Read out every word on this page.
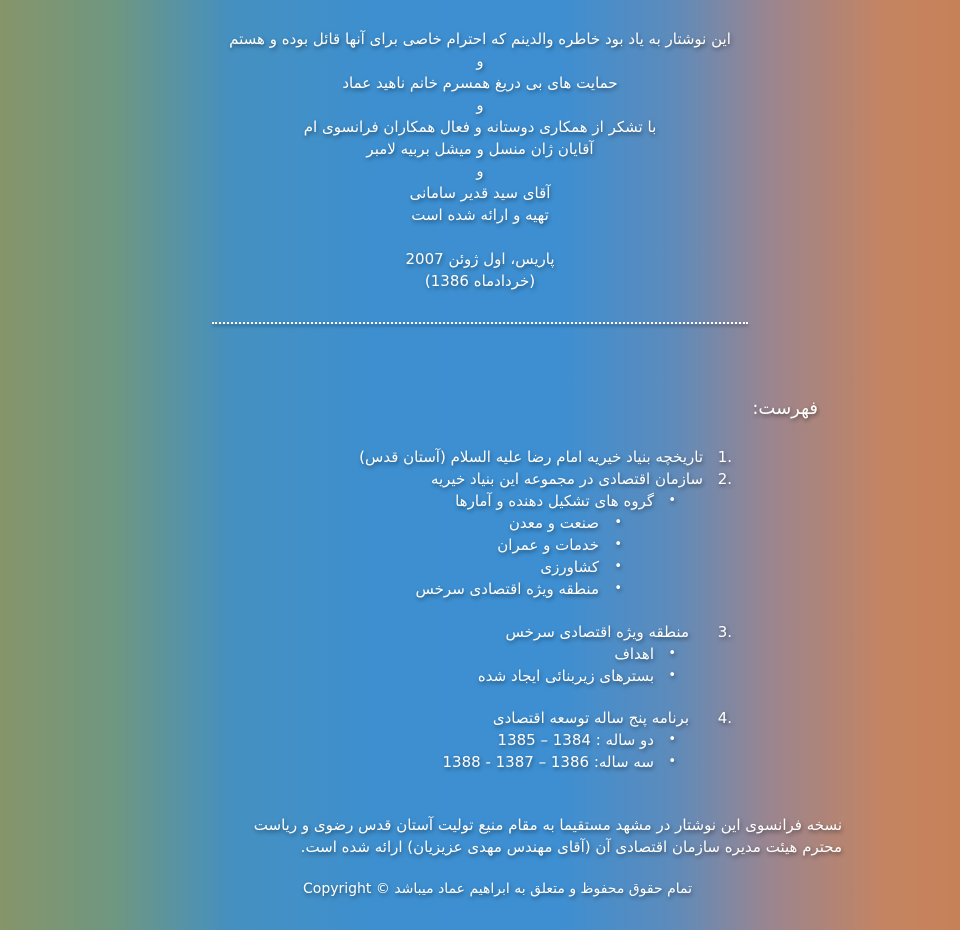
این نوشتار به یاد بود خاطره والدینم که احترام خاصی برای آنها قائل بوده و هستم
و
حمایت های بی دریغ همسرم خانم ناهید عماد
و
با تشکر از همکاری دوستانه و فعال همکاران فرانسوی ام
آقایان ژان منسل و میشل بربیه لامبر
و
آقای سید قدیر سامانی
تهیه و ارائه شده است
پاریس، اول ژوئن 2007
(خردادماه 1386)
فهرست:
1.
تاریخچه بنیاد خیریه امام رضا علیه السلام (آستان قدس)
2.
سازمان اقتصادی در مجموعه این بنیاد خیریه
•
گروه های تشکیل دهنده و آمارها
•
صنعت و معدن
•
خدمات و عمران
•
کشاورزی
•
منطقه ویژه اقتصادی سرخس
3.
منطقه ویژه اقتصادی سرخس
•
اهداف
•
بسترهای زیربنائی ایجاد شده
4.
برنامه پنج ساله توسعه اقتصادی
•
دو ساله : 1384 – 1385
•
سه ساله: 1386 – 1387 - 1388
نسخه فرانسوی این نوشتار در مشهد مستقیما به مقام منیع تولیت آستان قدس رضوی و ریاست
محترم هیئت مدیره سازمان اقتصادی آن (آقای مهندس مهدی عزیزیان) ارائه شده است.
تمام حقوق محفوظ و متعلق به ابراهیم عماد میباشد © Copyright
